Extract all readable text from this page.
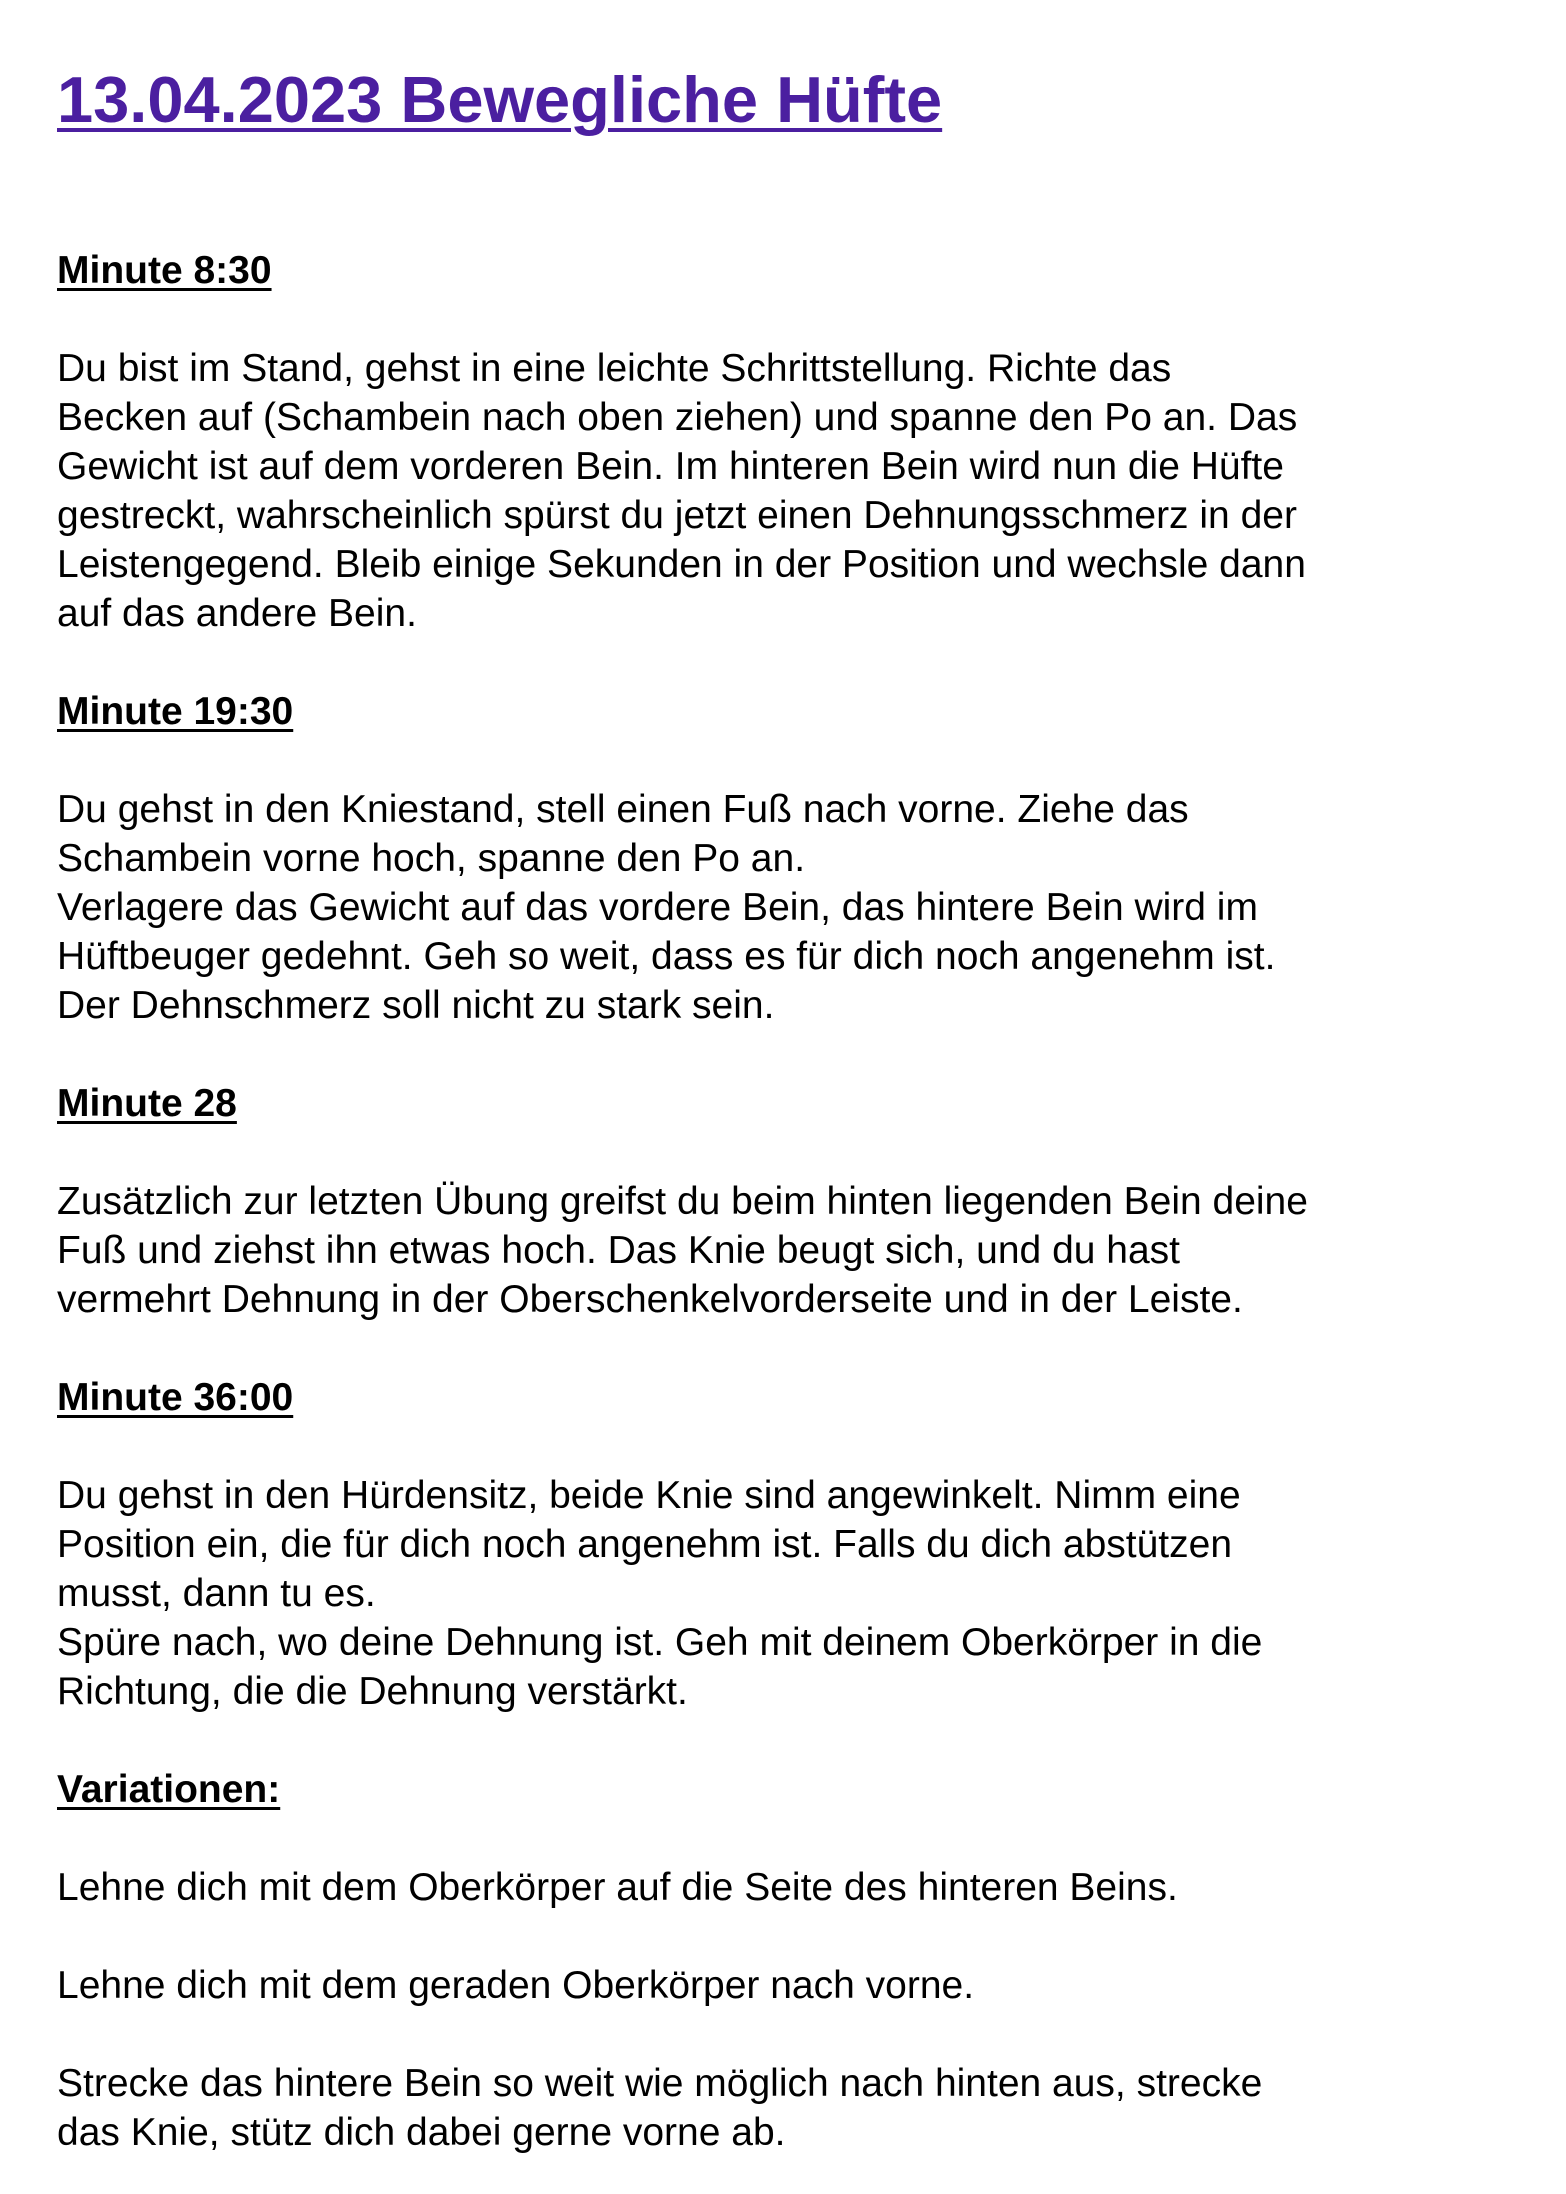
13.04.2023 Bewegliche Hüfte
Minute 8:30

Du bist im Stand, gehst in eine leichte Schrittstellung. Richte das
Becken auf (Schambein nach oben ziehen) und spanne den Po an. Das
Gewicht ist auf dem vorderen Bein. Im hinteren Bein wird nun die Hüfte
gestreckt, wahrscheinlich spürst du jetzt einen Dehnungsschmerz in der
Leistengegend. Bleib einige Sekunden in der Position und wechsle dann
auf das andere Bein.

Minute 19:30

Du gehst in den Kniestand, stell einen Fuß nach vorne. Ziehe das
Schambein vorne hoch, spanne den Po an.
Verlagere das Gewicht auf das vordere Bein, das hintere Bein wird im
Hüftbeuger gedehnt. Geh so weit, dass es für dich noch angenehm ist.
Der Dehnschmerz soll nicht zu stark sein.

Minute 28

Zusätzlich zur letzten Übung greifst du beim hinten liegenden Bein deine
Fuß und ziehst ihn etwas hoch. Das Knie beugt sich, und du hast
vermehrt Dehnung in der Oberschenkelvorderseite und in der Leiste.

Minute 36:00

Du gehst in den Hürdensitz, beide Knie sind angewinkelt. Nimm eine
Position ein, die für dich noch angenehm ist. Falls du dich abstützen
musst, dann tu es.
Spüre nach, wo deine Dehnung ist. Geh mit deinem Oberkörper in die
Richtung, die die Dehnung verstärkt.

Variationen:

Lehne dich mit dem Oberkörper auf die Seite des hinteren Beins.

Lehne dich mit dem geraden Oberkörper nach vorne.

Strecke das hintere Bein so weit wie möglich nach hinten aus, strecke
das Knie, stütz dich dabei gerne vorne ab.
